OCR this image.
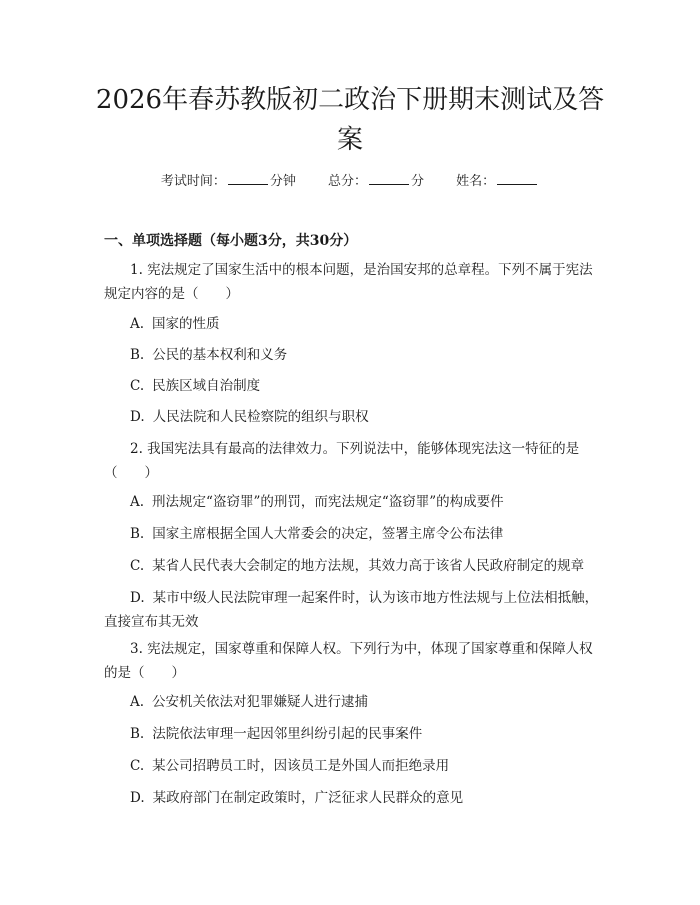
2026年春苏教版初二政治下册期末测试及答案
考试时间：	分钟 总分：	分 姓名：
一、单项选择题（每小题3分，共30分）

1. 宪法规定了国家生活中的根本问题，是治国安邦的总章程。下列不属于宪法规定内容的是（　　）

A. 国家的性质

B. 公民的基本权利和义务

C. 民族区域自治制度

D. 人民法院和人民检察院的组织与职权

2. 我国宪法具有最高的法律效力。下列说法中，能够体现宪法这一特征的是（　　）

A. 刑法规定“盗窃罪”的刑罚，而宪法规定“盗窃罪”的构成要件

B. 国家主席根据全国人大常委会的决定，签署主席令公布法律

C. 某省人民代表大会制定的地方法规，其效力高于该省人民政府制定的规章

D. 某市中级人民法院审理一起案件时，认为该市地方性法规与上位法相抵触，直接宣布其无效

3. 宪法规定，国家尊重和保障人权。下列行为中，体现了国家尊重和保障人权的是（　　）

A. 公安机关依法对犯罪嫌疑人进行逮捕

B. 法院依法审理一起因邻里纠纷引起的民事案件

C. 某公司招聘员工时，因该员工是外国人而拒绝录用

D. 某政府部门在制定政策时，广泛征求人民群众的意见
